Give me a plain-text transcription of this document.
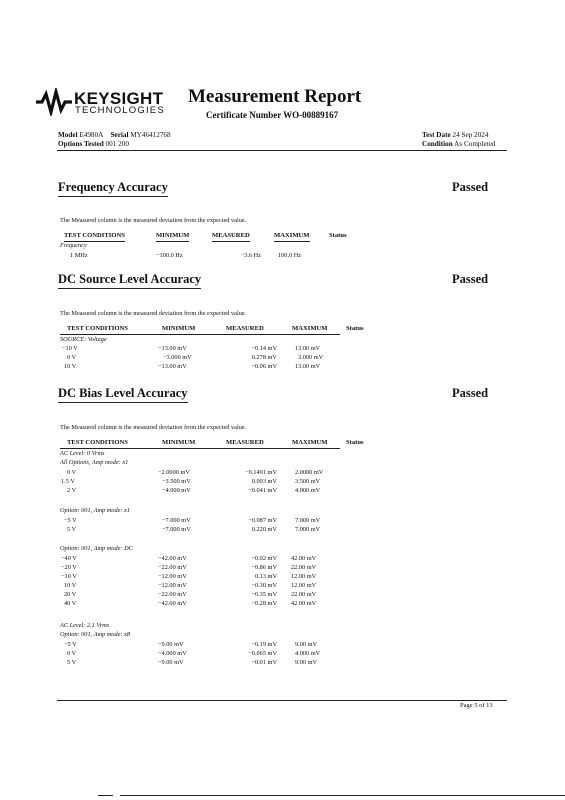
KEYSIGHT
TECHNOLOGIES
Measurement Report
Certificate Number WO-00889167
Model E4980A Serial MY46412768
Options Tested 001 200
Test Date 24 Sep 2024
Condition As Completed
Frequency Accuracy	Passed
The Measured column is the measured deviation from the expected value.
TEST CONDITIONS	MINIMUM	MEASURED	MAXIMUM	Status
Frequency
1 MHz	−100.0 Hz	−3.6 Hz	100.0 Hz
DC Source Level Accuracy	Passed
The Measured column is the measured deviation from the expected value.
TEST CONDITIONS	MINIMUM	MEASURED	MAXIMUM	Status
SOURCE: Voltage
−10 V	−13.00 mV	−0.14 mV	13.00 mV
0 V	−3.000 mV	0.278 mV	3.000 mV
10 V	−13.00 mV	−0.06 mV	13.00 mV
DC Bias Level Accuracy	Passed
The Measured column is the measured deviation from the expected value.
TEST CONDITIONS	MINIMUM	MEASURED	MAXIMUM	Status
AC Level: 0 Vrms
All Options, Amp mode: x1
0 V	−2.0000 mV	−0.1491 mV	2.0000 mV
1.5 V	−3.500 mV	0.093 mV	3.500 mV
2 V	−4.000 mV	−0.041 mV	4.000 mV
Option: 001, Amp mode: x1
−5 V	−7.000 mV	−0.087 mV	7.000 mV
5 V	−7.000 mV	0.220 mV	7.000 mV
Option: 001, Amp mode: DC
−40 V	−42.00 mV	−0.02 mV 42.00 mV
−20 V	−22.00 mV	−0.86 mV 22.00 mV
−10 V	−12.00 mV	0.13 mV 12.00 mV
10 V	−12.00 mV	−0.30 mV 12.00 mV
20 V	−22.00 mV	−0.35 mV 22.00 mV
40 V	−42.00 mV	−0.28 mV 42.00 mV
AC Level: 2.1 Vrms
Option: 001, Amp mode: x8
−5 V	−9.00 mV	−0.19 mV	9.00 mV
0 V	−4.000 mV	−0.065 mV	4.000 mV
5 V	−9.00 mV	−0.01 mV	9.00 mV
Page 5 of 13
